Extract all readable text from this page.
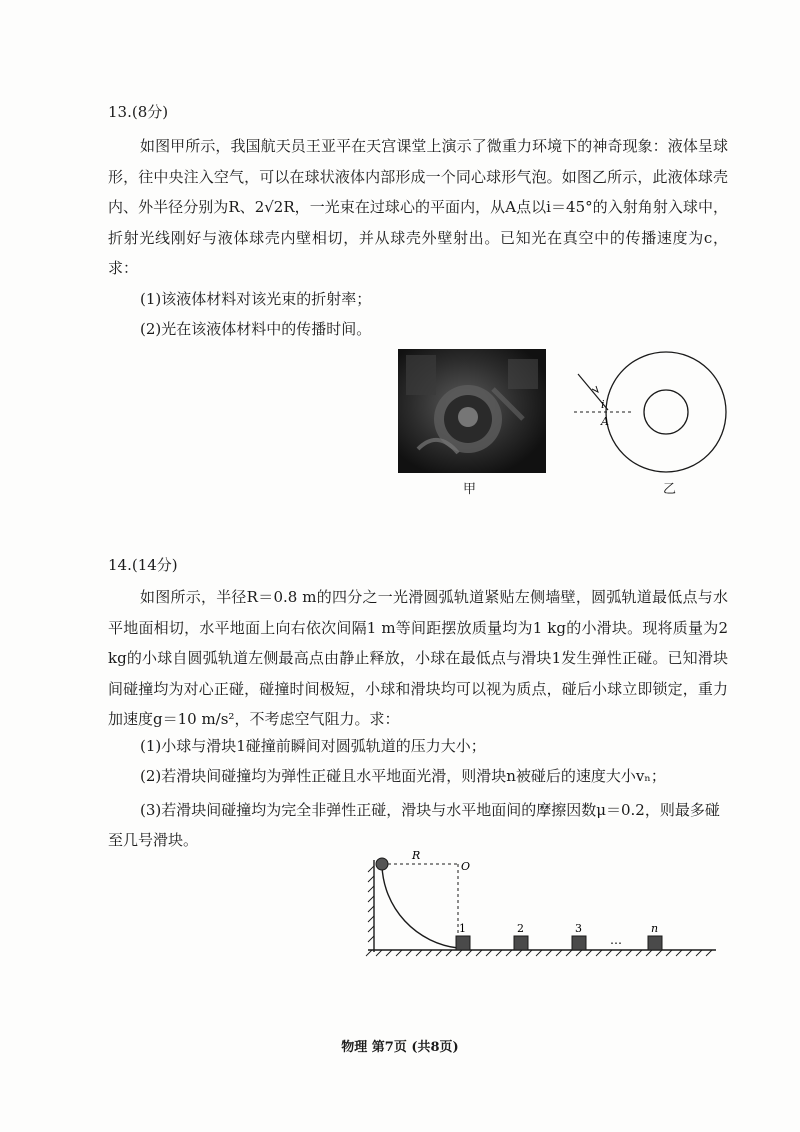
13.(8分)

如图甲所示，我国航天员王亚平在天宫课堂上演示了微重力环境下的神奇现象：液体呈球形，往中央注入空气，可以在球状液体内部形成一个同心球形气泡。如图乙所示，此液体球壳内、外半径分别为R、2√2R，一光束在过球心的平面内，从A点以i＝45°的入射角射入球中，折射光线刚好与液体球壳内壁相切，并从球壳外壁射出。已知光在真空中的传播速度为c，求：

(1)该液体材料对该光束的折射率；

(2)光在该液体材料中的传播时间。

甲
i
A
乙
14.(14分)

如图所示，半径R＝0.8 m的四分之一光滑圆弧轨道紧贴左侧墙壁，圆弧轨道最低点与水平地面相切，水平地面上向右依次间隔1 m等间距摆放质量均为1 kg的小滑块。现将质量为2 kg的小球自圆弧轨道左侧最高点由静止释放，小球在最低点与滑块1发生弹性正碰。已知滑块间碰撞均为对心正碰，碰撞时间极短，小球和滑块均可以视为质点，碰后小球立即锁定，重力加速度g＝10 m/s²，不考虑空气阻力。求：

(1)小球与滑块1碰撞前瞬间对圆弧轨道的压力大小；

(2)若滑块间碰撞均为弹性正碰且水平地面光滑，则滑块n被碰后的速度大小vₙ；

(3)若滑块间碰撞均为完全非弹性正碰，滑块与水平地面间的摩擦因数μ＝0.2，则最多碰至几号滑块。

R
O
1	2	3
…
n
物理 第7页 (共8页)
